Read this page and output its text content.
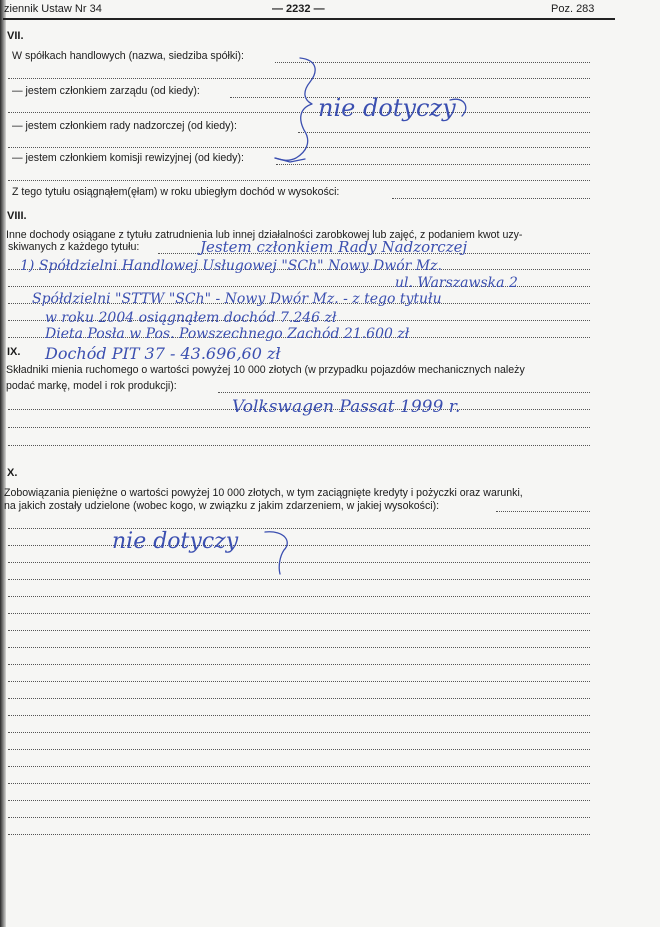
ziennik Ustaw Nr 34	— 2232 —	Poz. 283
VII.
W spółkach handlowych (nazwa, siedziba spółki):
— jestem członkiem zarządu (od kiedy):
— jestem członkiem rady nadzorczej (od kiedy):
— jestem członkiem komisji rewizyjnej (od kiedy):
Z tego tytułu osiągnąłem(ęłam) w roku ubiegłym dochód w wysokości:
VIII.
Inne dochody osiągane z tytułu zatrudnienia lub innej działalności zarobkowej lub zajęć, z podaniem kwot uzy-
skiwanych z każdego tytułu:
IX.
Składniki mienia ruchomego o wartości powyżej 10 000 złotych (w przypadku pojazdów mechanicznych należy
podać markę, model i rok produkcji):
X.
Zobowiązania pieniężne o wartości powyżej 10 000 złotych, w tym zaciągnięte kredyty i pożyczki oraz warunki,
na jakich zostały udzielone (wobec kogo, w związku z jakim zdarzeniem, w jakiej wysokości):
nie dotyczy
Jestem członkiem Rady Nadzorczej
1) Spółdzielni Handlowej Usługowej "SCh" Nowy Dwór Mz.
ul. Warszawska 2
Spółdzielni "STTW "SCh" - Nowy Dwór Mz. - z tego tytułu
w roku 2004 osiągnąłem dochód 7.246 zł
Dieta Posła w Pos. Powszechnego Zachód 21.600 zł
Dochód PIT 37 - 43.696,60 zł
Volkswagen Passat 1999 r.
nie dotyczy
